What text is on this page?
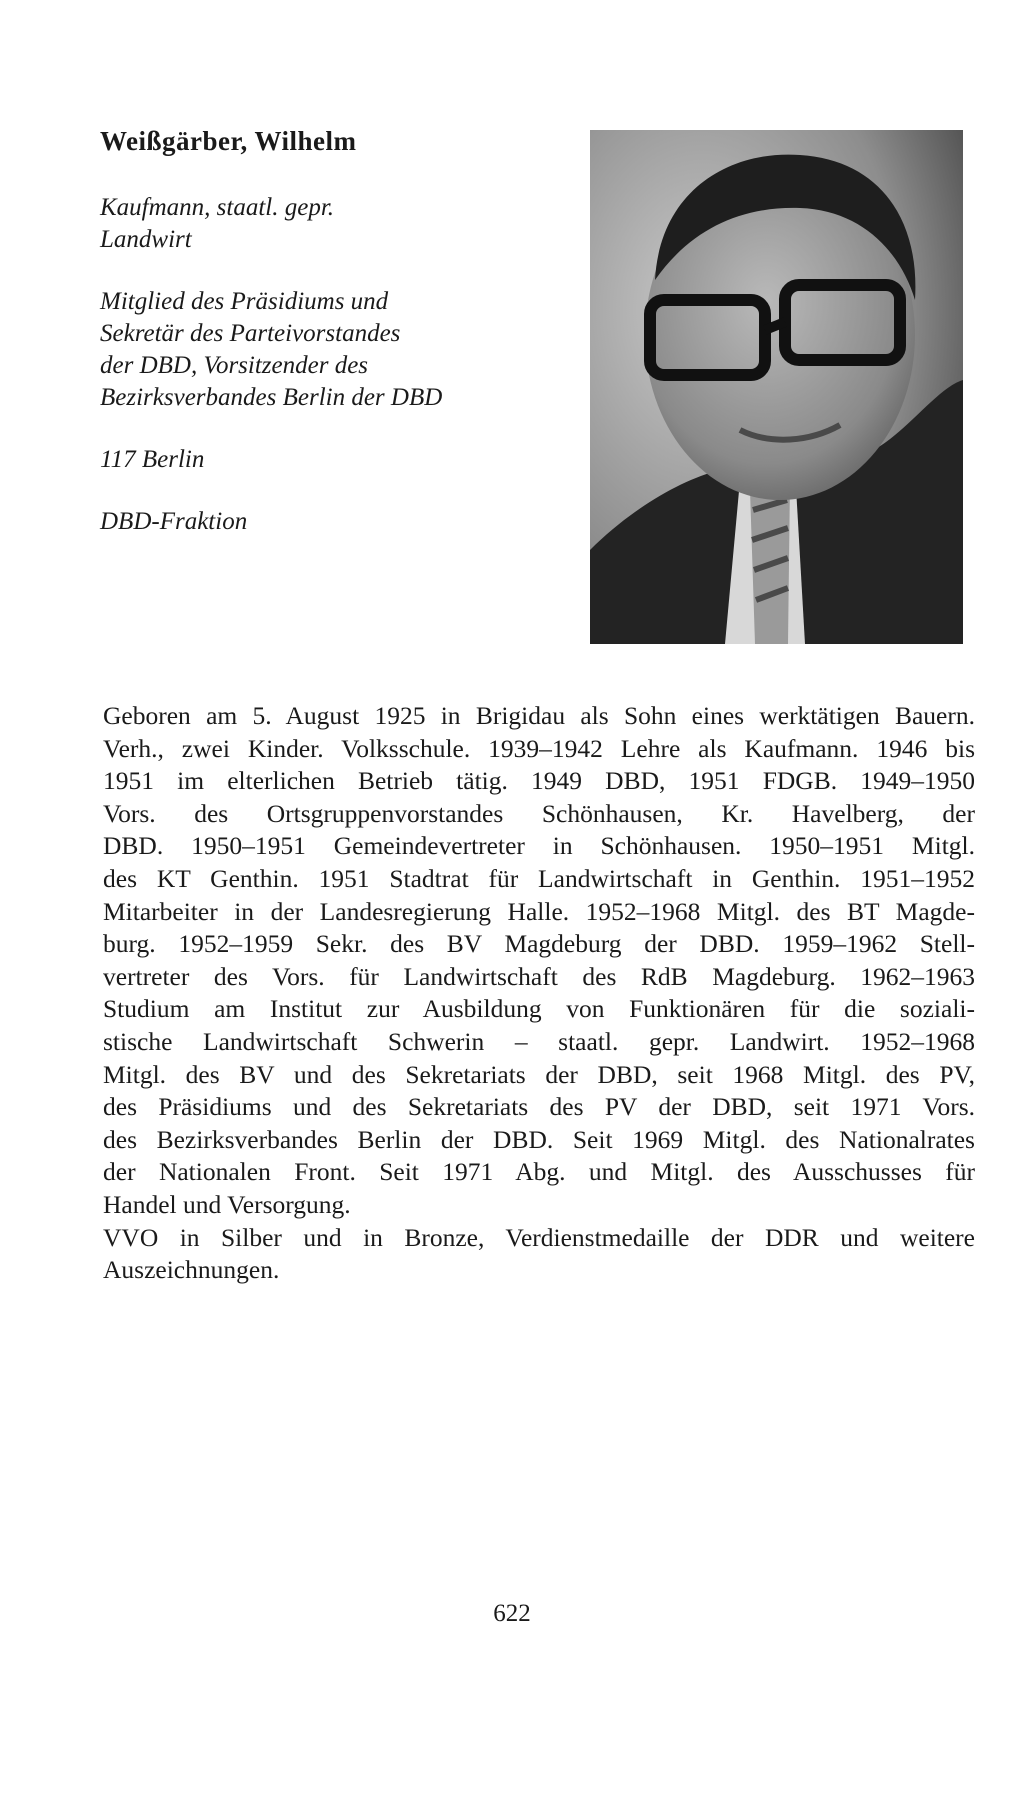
Weißgärber, Wilhelm

Kaufmann, staatl. gepr.
Landwirt

Mitglied des Präsidiums und
Sekretär des Parteivorstandes
der DBD, Vorsitzender des
Bezirksverbandes Berlin der DBD

117 Berlin

DBD-Fraktion

Geboren am 5. August 1925 in Brigidau als Sohn eines werktätigen Bauern.
Verh., zwei Kinder. Volksschule. 1939–1942 Lehre als Kaufmann. 1946 bis
1951 im elterlichen Betrieb tätig. 1949 DBD, 1951 FDGB. 1949–1950
Vors. des Ortsgruppenvorstandes Schönhausen, Kr. Havelberg, der
DBD. 1950–1951 Gemeindevertreter in Schönhausen. 1950–1951 Mitgl.
des KT Genthin. 1951 Stadtrat für Landwirtschaft in Genthin. 1951–1952
Mitarbeiter in der Landesregierung Halle. 1952–1968 Mitgl. des BT Magde-
burg. 1952–1959 Sekr. des BV Magdeburg der DBD. 1959–1962 Stell-
vertreter des Vors. für Landwirtschaft des RdB Magdeburg. 1962–1963
Studium am Institut zur Ausbildung von Funktionären für die soziali-
stische Landwirtschaft Schwerin – staatl. gepr. Landwirt. 1952–1968
Mitgl. des BV und des Sekretariats der DBD, seit 1968 Mitgl. des PV,
des Präsidiums und des Sekretariats des PV der DBD, seit 1971 Vors.
des Bezirksverbandes Berlin der DBD. Seit 1969 Mitgl. des Nationalrates
der Nationalen Front. Seit 1971 Abg. und Mitgl. des Ausschusses für
Handel und Versorgung.
VVO in Silber und in Bronze, Verdienstmedaille der DDR und weitere
Auszeichnungen.
622
